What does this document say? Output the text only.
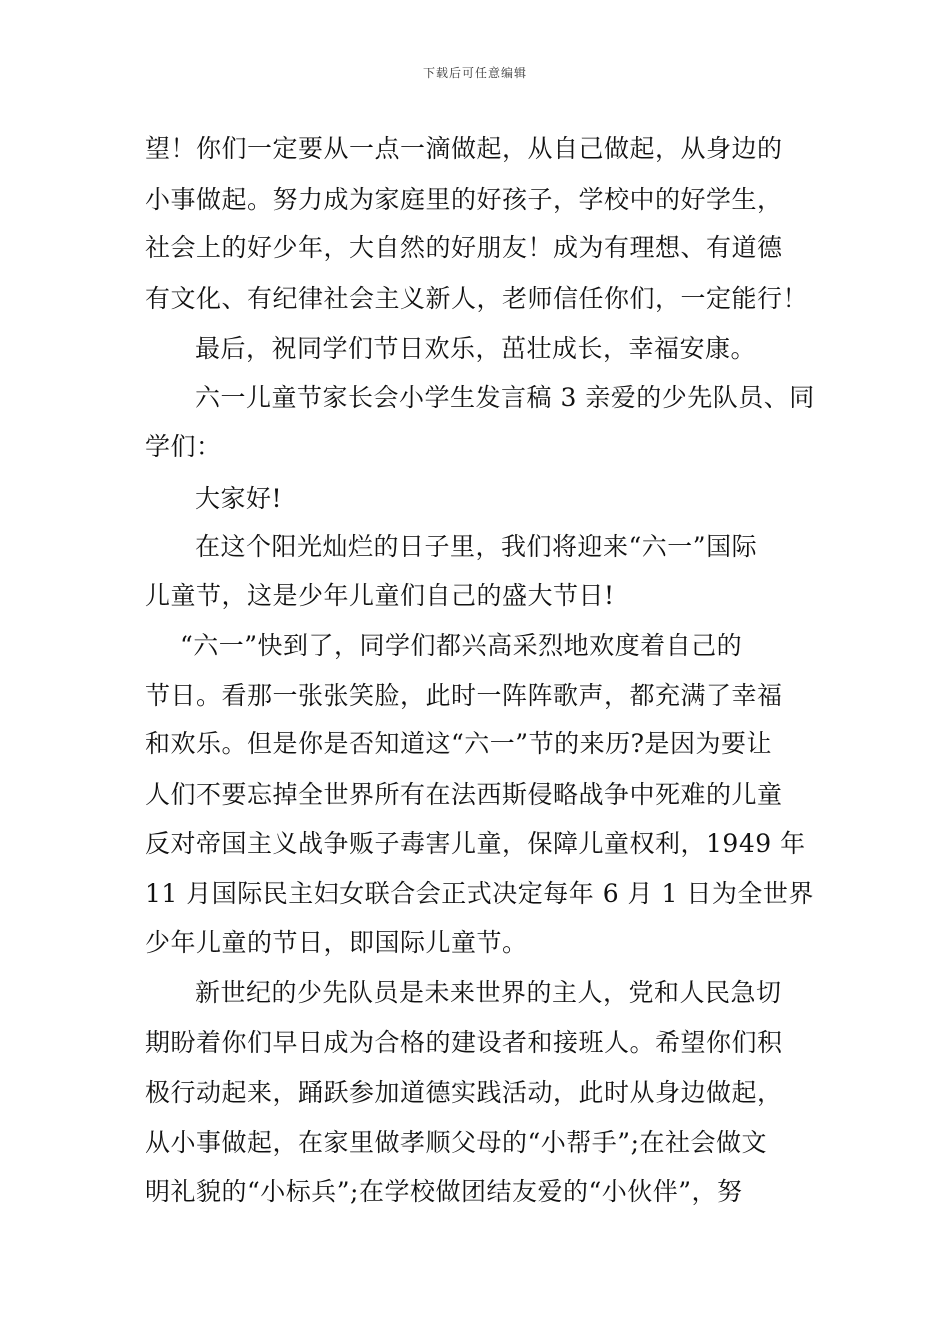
下载后可任意编辑
望！你们一定要从一点一滴做起，从自己做起，从身边的
小事做起。努力成为家庭里的好孩子，学校中的好学生，
社会上的好少年，大自然的好朋友！成为有理想、有道德
有文化、有纪律社会主义新人，老师信任你们，一定能行！
最后，祝同学们节日欢乐，茁壮成长，幸福安康。
六一儿童节家长会小学生发言稿 3 亲爱的少先队员、同
学们：
大家好!
在这个阳光灿烂的日子里，我们将迎来“六一”国际
儿童节，这是少年儿童们自己的盛大节日!
“六一”快到了，同学们都兴高采烈地欢度着自己的
节日。看那一张张笑脸，此时一阵阵歌声，都充满了幸福
和欢乐。但是你是否知道这“六一”节的来历?是因为要让
人们不要忘掉全世界所有在法西斯侵略战争中死难的儿童
反对帝国主义战争贩子毒害儿童，保障儿童权利，1949 年
11 月国际民主妇女联合会正式决定每年 6 月 1 日为全世界
少年儿童的节日，即国际儿童节。
新世纪的少先队员是未来世界的主人，党和人民急切
期盼着你们早日成为合格的建设者和接班人。希望你们积
极行动起来，踊跃参加道德实践活动，此时从身边做起，
从小事做起，在家里做孝顺父母的“小帮手”;在社会做文
明礼貌的“小标兵”;在学校做团结友爱的“小伙伴”，努
